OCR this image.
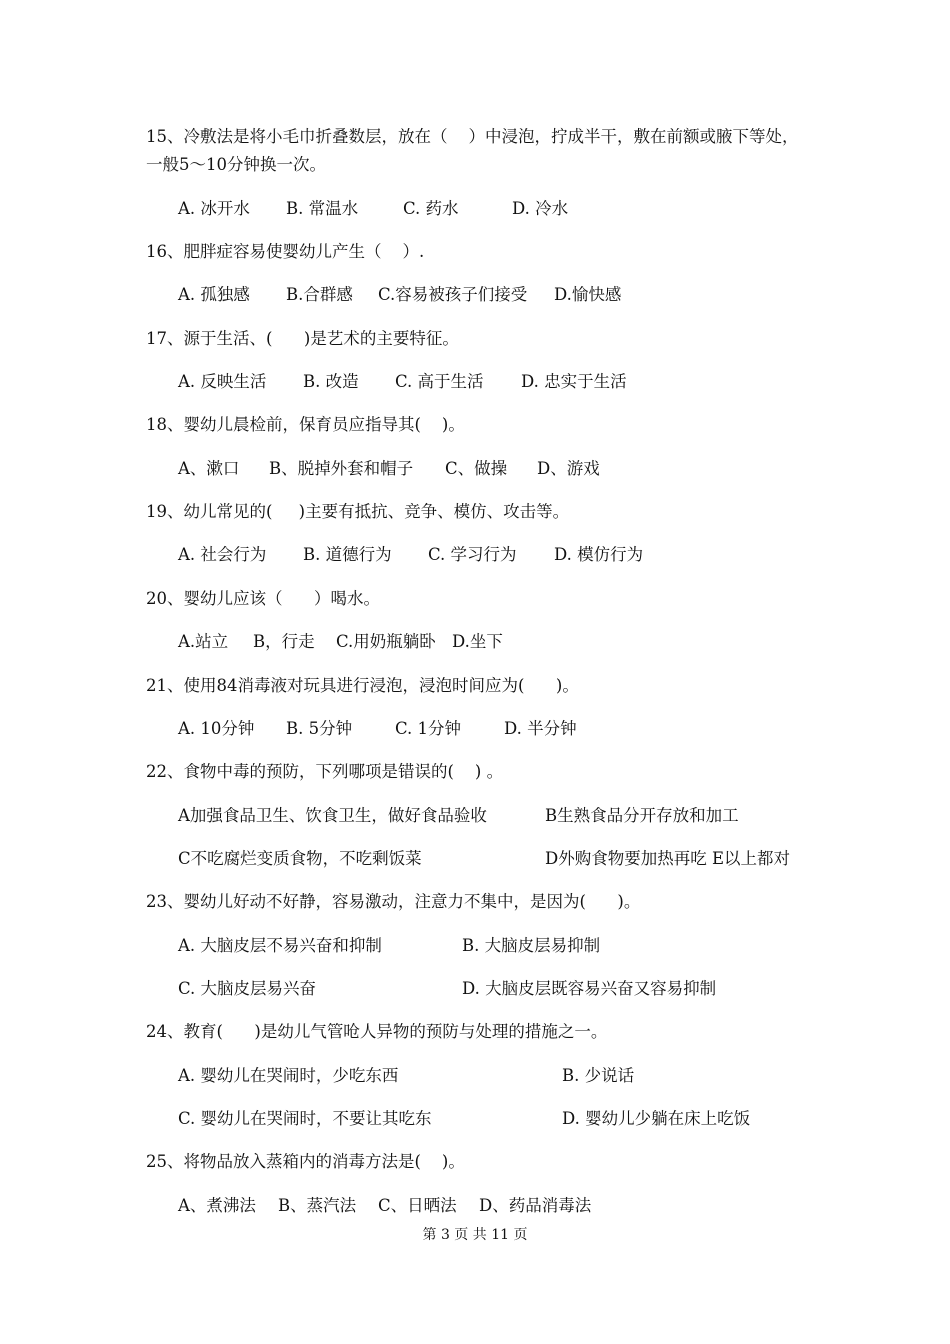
15、冷敷法是将小毛巾折叠数层，放在（    ）中浸泡，拧成半干，敷在前额或腋下等处，
一般5～10分钟换一次。
A. 冰开水 B. 常温水	C. 药水	D. 冷水
16、肥胖症容易使婴幼儿产生（    ）.
A. 孤独感 B.合群感 C.容易被孩子们接受 D.愉快感
17、源于生活、(      )是艺术的主要特征。
A. 反映生活 B. 改造 C. 高于生活 D. 忠实于生活
18、婴幼儿晨检前，保育员应指导其(    )。
A、漱口 B、脱掉外套和帽子 C、做操 D、游戏
19、幼儿常见的(     )主要有抵抗、竞争、模仿、攻击等。
A. 社会行为 B. 道德行为 C. 学习行为 D. 模仿行为
20、婴幼儿应该（      ）喝水。
A.站立 B，行走 C.用奶瓶躺卧 D.坐下
21、使用84消毒液对玩具进行浸泡，浸泡时间应为(      )。
A. 10分钟 B. 5分钟	C. 1分钟	D. 半分钟
22、食物中毒的预防，下列哪项是错误的(    ) 。
A加强食品卫生、饮食卫生，做好食品验收	B生熟食品分开存放和加工
C不吃腐烂变质食物，不吃剩饭菜	D外购食物要加热再吃 E以上都对
23、婴幼儿好动不好静，容易激动，注意力不集中，是因为(      )。
A. 大脑皮层不易兴奋和抑制	B. 大脑皮层易抑制
C. 大脑皮层易兴奋	D. 大脑皮层既容易兴奋又容易抑制
24、教育(      )是幼儿气管呛人异物的预防与处理的措施之一。
A. 婴幼儿在哭闹时，少吃东西	B. 少说话
C. 婴幼儿在哭闹时，不要让其吃东	D. 婴幼儿少躺在床上吃饭
25、将物品放入蒸箱内的消毒方法是(    )。
A、煮沸法 B、蒸汽法 C、日晒法 D、药品消毒法
第 3 页 共 11 页
